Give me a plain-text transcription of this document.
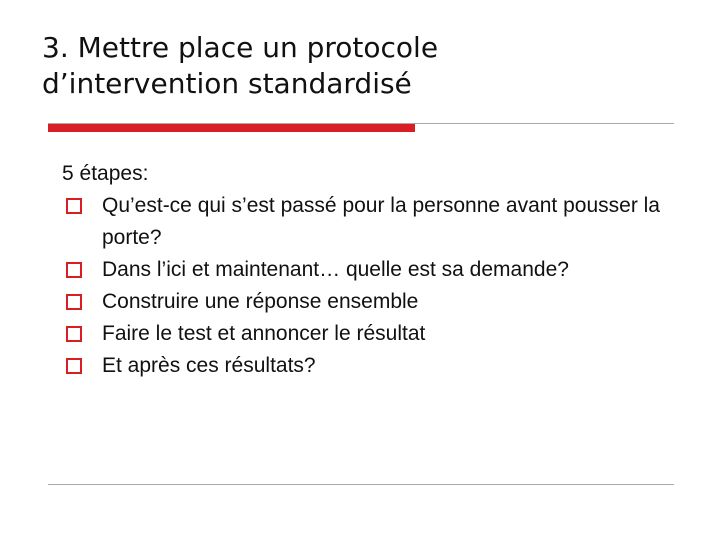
3. Mettre place un protocole
d’intervention standardisé
5 étapes:
Qu’est-ce qui s’est passé pour la personne avant pousser la porte?
Dans l’ici et maintenant… quelle est sa demande?
Construire une réponse ensemble
Faire le test et annoncer le résultat
Et après ces résultats?
